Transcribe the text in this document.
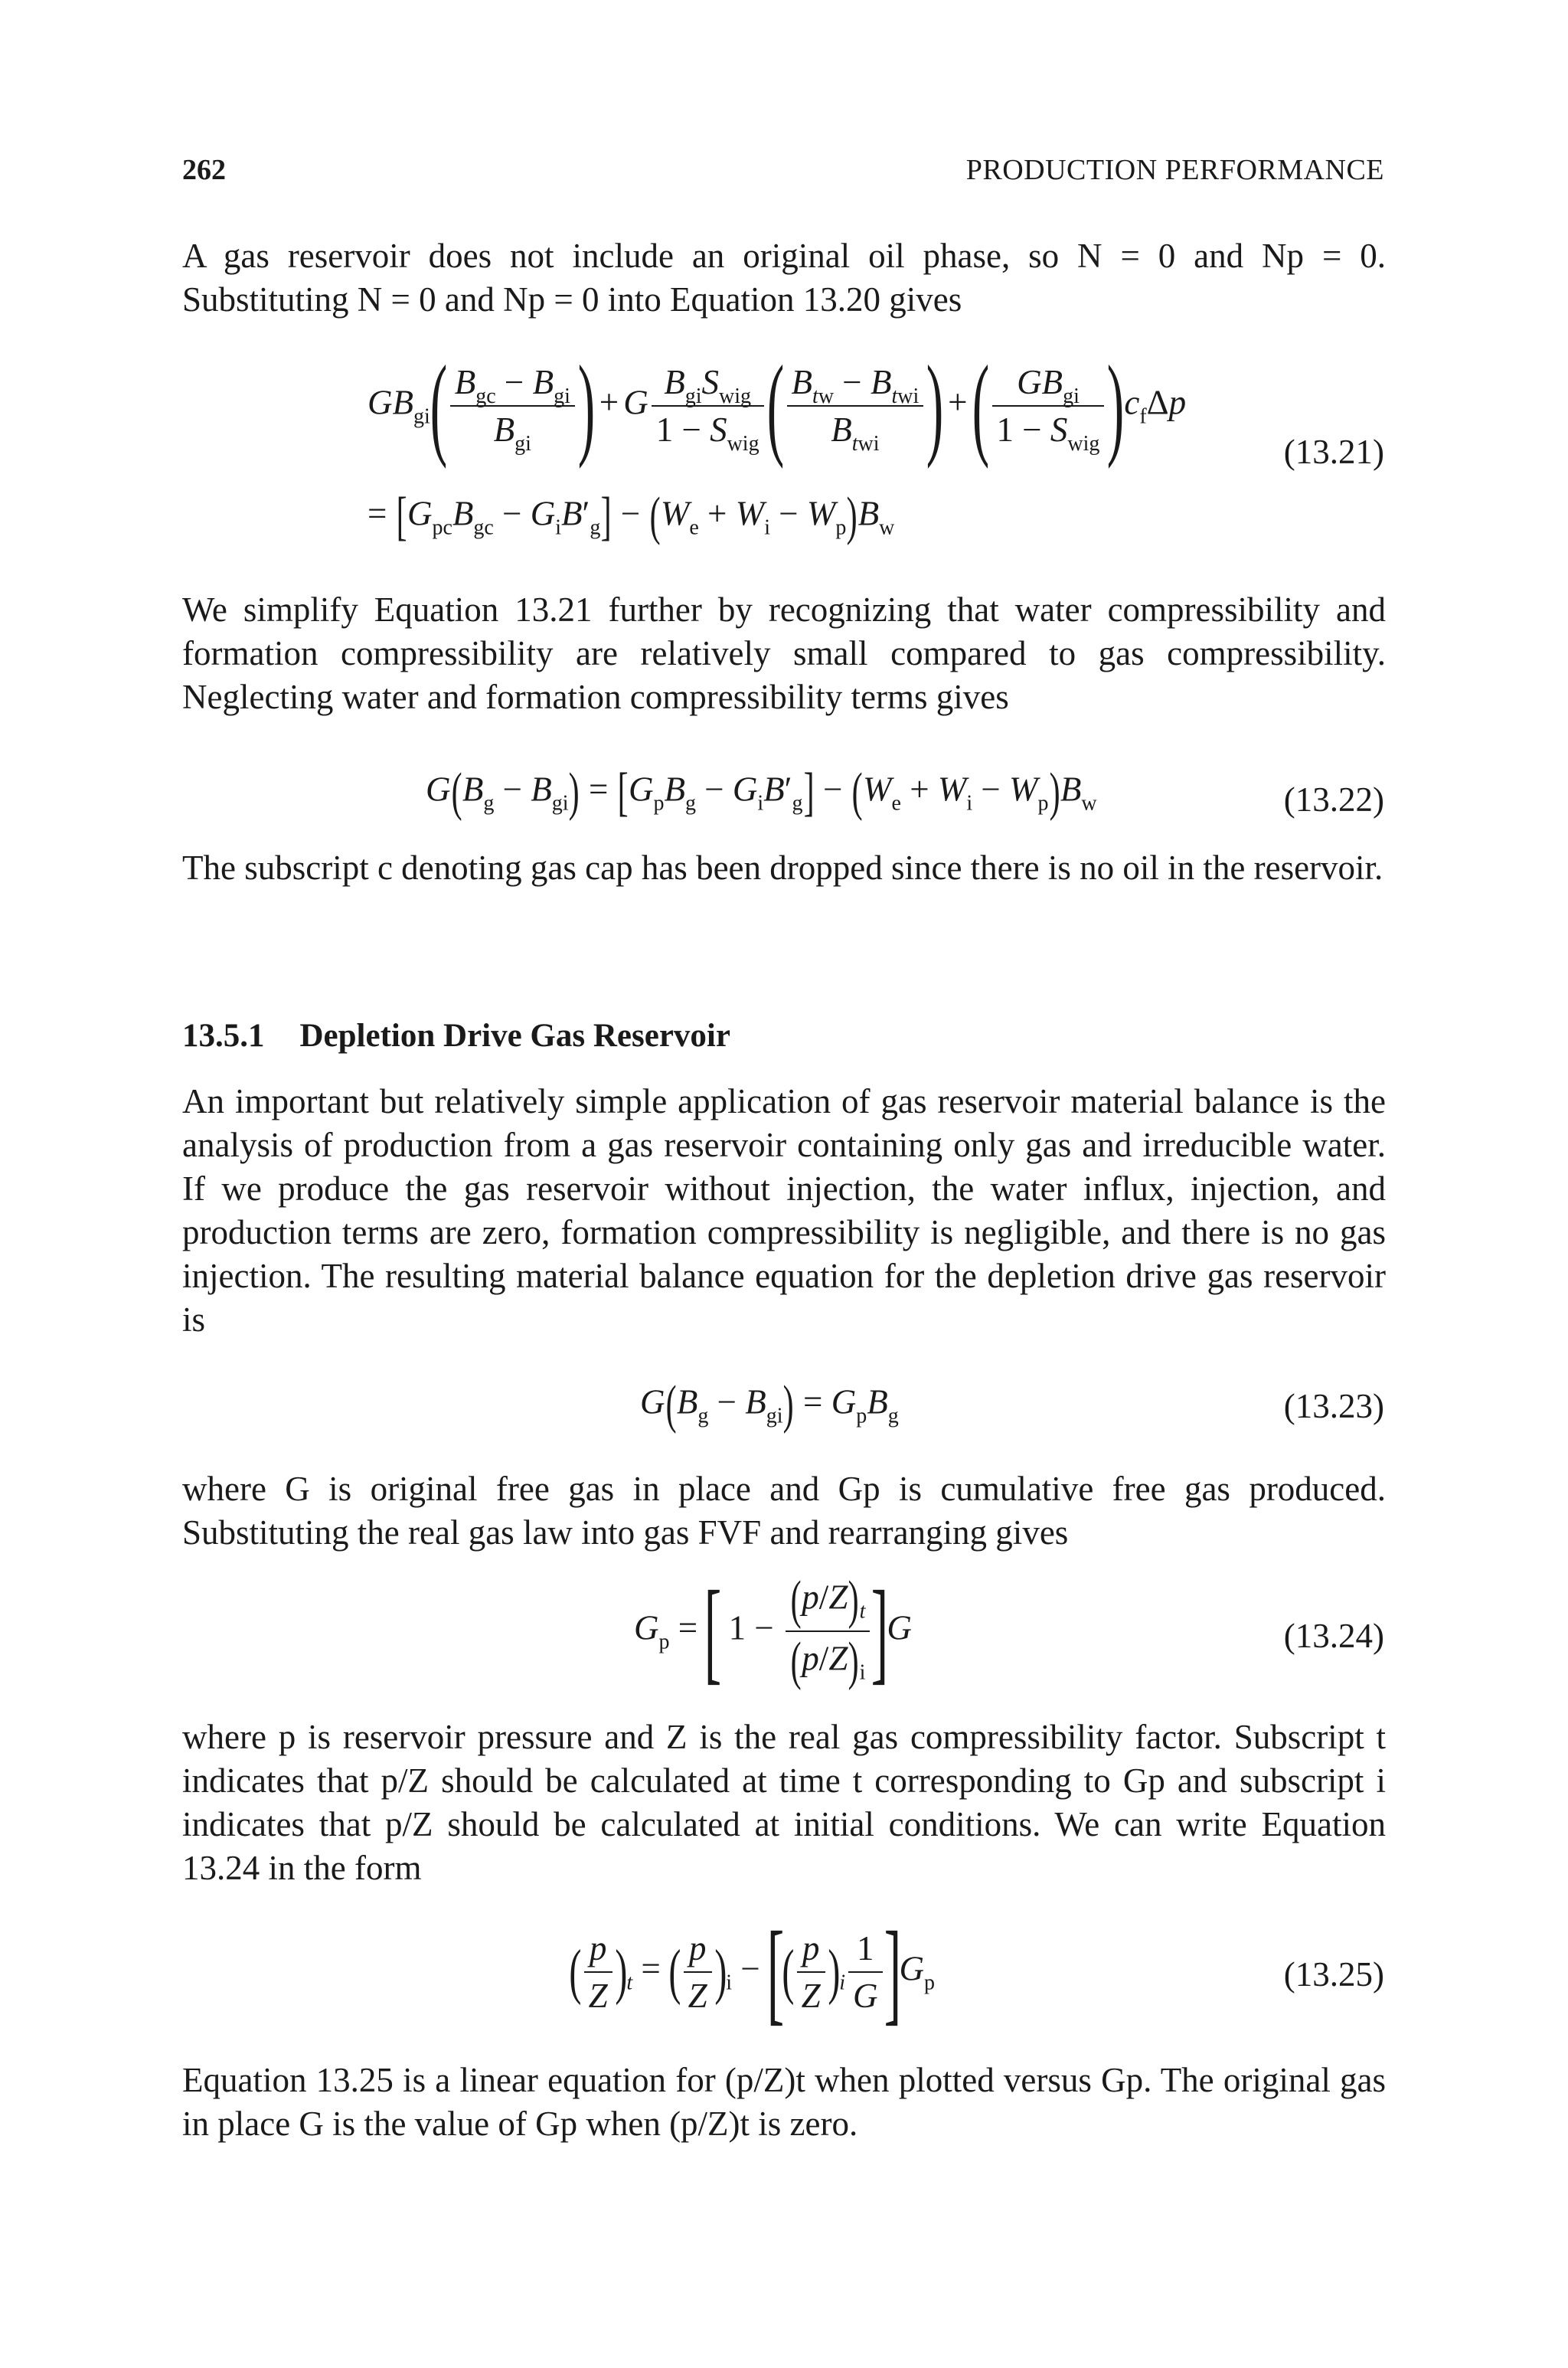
262	PRODUCTION PERFORMANCE

A gas reservoir does not include an original oil phase, so N = 0 and Np = 0. Substituting N = 0 and Np = 0 into Equation 13.20 gives

$GB_{gi}( \frac{B_{gc} - B_{gi}}{B_{gi}}$ ) + G $\frac{B_{gi}S_{wig}}{1 - S_{wig}}$ ( $\frac{B_{tw} - B_{twi}}{B_{twi}}$ ) +( $\frac{GB_{gi}}{1 - S_{wig}} )c_f\Delta p$
= $[G_{pc}B_{gc} - G_iB'_g] - (W_e + W_i - W_p)B_w$
(13.21)

We simplify Equation 13.21 further by recognizing that water compressibility and formation compressibility are relatively small compared to gas compressibility. Neglecting water and formation compressibility terms gives

$G(B_g - B_{gi}) = [G_pB_g - G_iB'_g] - (W_e + W_i - W_p)B_w$	(13.22)

The subscript c denoting gas cap has been dropped since there is no oil in the reservoir.

13.5.1 Depletion Drive Gas Reservoir

An important but relatively simple application of gas reservoir material balance is the analysis of production from a gas reservoir containing only gas and irreducible water. If we produce the gas reservoir without injection, the water influx, injection, and production terms are zero, formation compressibility is negligible, and there is no gas injection. The resulting material balance equation for the depletion drive gas reservoir is

$G(B_g - B_{gi}) = G_pB_g$	(13.23)

where G is original free gas in place and Gp is cumulative free gas produced. Substituting the real gas law into gas FVF and rearranging gives

$G_p$ = [ $1 - \frac{(p/Z)_t}{(p/Z)_i} ]G$	(13.24)

where p is reservoir pressure and Z is the real gas compressibility factor. Subscript t indicates that p/Z should be calculated at time t corresponding to Gp and subscript i indicates that p/Z should be calculated at initial conditions. We can write Equation 13.24 in the form

( $\frac{p}{Z} )_t$ = ( $\frac{p}{Z} )_i$ − [( $\frac{p}{Z} )_i \frac{1}{G} ]G_p$	(13.25)

Equation 13.25 is a linear equation for (p/Z)t when plotted versus Gp. The original gas in place G is the value of Gp when (p/Z)t is zero.
